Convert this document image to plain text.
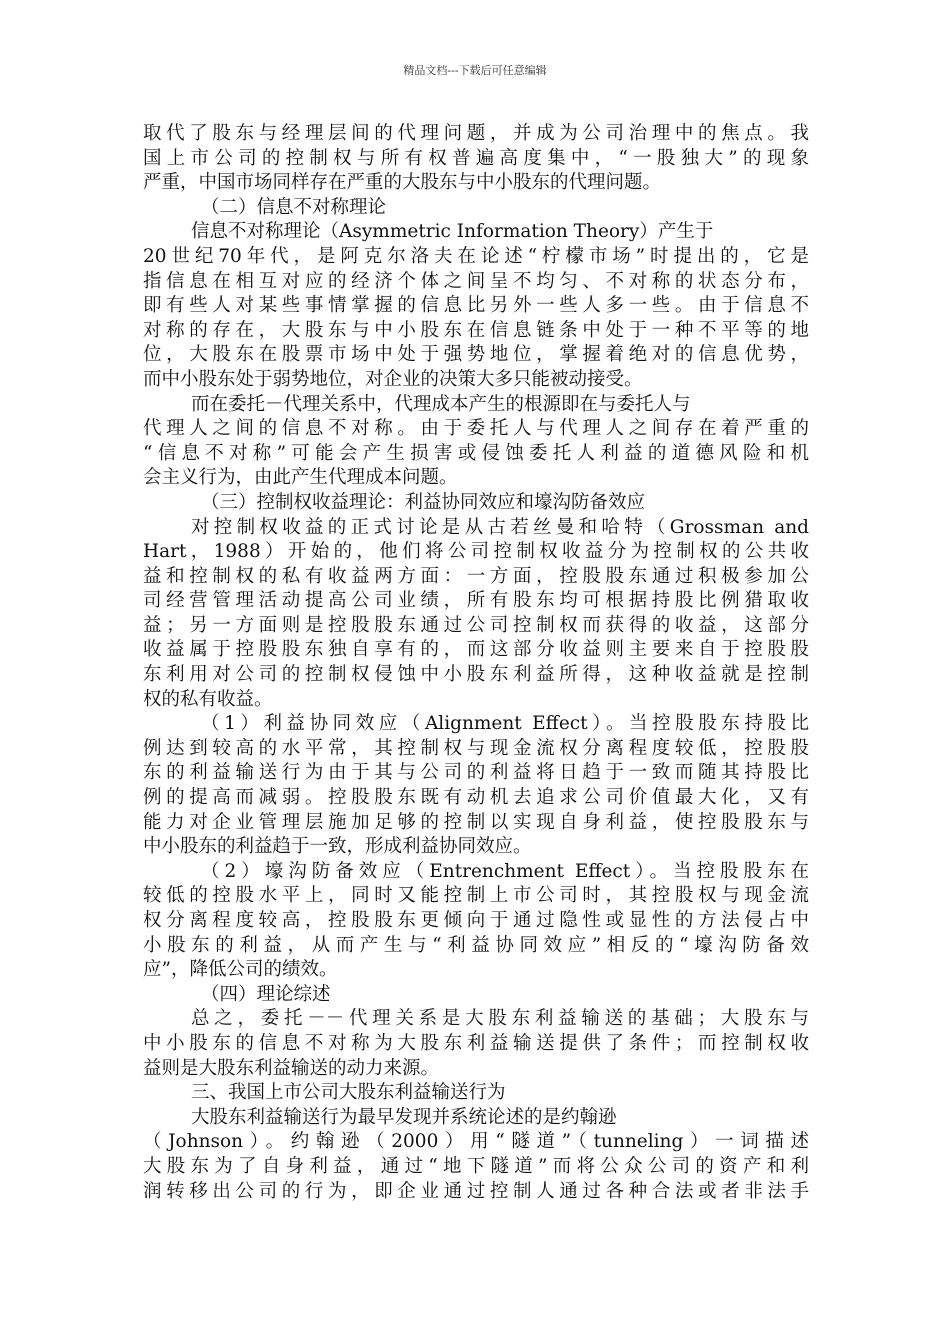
精品文档---下载后可任意编辑
取代了股东与经理层间的代理问题，并成为公司治理中的焦点。我
国上市公司的控制权与所有权普遍高度集中，“一股独大”的现象
严重，中国市场同样存在严重的大股东与中小股东的代理问题。
（二）信息不对称理论
信息不对称理论（Asymmetric Information Theory）产生于
20世纪70年代，是阿克尔洛夫在论述“柠檬市场”时提出的，它是
指信息在相互对应的经济个体之间呈不均匀、不对称的状态分布，
即有些人对某些事情掌握的信息比另外一些人多一些。由于信息不
对称的存在，大股东与中小股东在信息链条中处于一种不平等的地
位，大股东在股票市场中处于强势地位，掌握着绝对的信息优势，
而中小股东处于弱势地位，对企业的决策大多只能被动接受。
而在委托－代理关系中，代理成本产生的根源即在与委托人与
代理人之间的信息不对称。由于委托人与代理人之间存在着严重的
“信息不对称”可能会产生损害或侵蚀委托人利益的道德风险和机
会主义行为，由此产生代理成本问题。
（三）控制权收益理论：利益协同效应和壕沟防备效应
对控制权收益的正式讨论是从古若丝曼和哈特（Grossman and
Hart，1988）开始的，他们将公司控制权收益分为控制权的公共收
益和控制权的私有收益两方面：一方面，控股股东通过积极参加公
司经营管理活动提高公司业绩，所有股东均可根据持股比例猎取收
益；另一方面则是控股股东通过公司控制权而获得的收益，这部分
收益属于控股股东独自享有的，而这部分收益则主要来自于控股股
东利用对公司的控制权侵蚀中小股东利益所得，这种收益就是控制
权的私有收益。
（1）利益协同效应（Alignment Effect）。当控股股东持股比
例达到较高的水平常，其控制权与现金流权分离程度较低，控股股
东的利益输送行为由于其与公司的利益将日趋于一致而随其持股比
例的提高而减弱。控股股东既有动机去追求公司价值最大化，又有
能力对企业管理层施加足够的控制以实现自身利益，使控股股东与
中小股东的利益趋于一致，形成利益协同效应。
（2）壕沟防备效应（Entrenchment Effect）。当控股股东在
较低的控股水平上，同时又能控制上市公司时，其控股权与现金流
权分离程度较高，控股股东更倾向于通过隐性或显性的方法侵占中
小股东的利益，从而产生与“利益协同效应”相反的“壕沟防备效
应”，降低公司的绩效。
（四）理论综述
总之，委托－－代理关系是大股东利益输送的基础；大股东与
中小股东的信息不对称为大股东利益输送提供了条件；而控制权收
益则是大股东利益输送的动力来源。
三、我国上市公司大股东利益输送行为
大股东利益输送行为最早发现并系统论述的是约翰逊
（Johnson）。约翰逊（2000）用“隧道”（tunneling）一词描述
大股东为了自身利益，通过“地下隧道”而将公众公司的资产和利
润转移出公司的行为，即企业通过控制人通过各种合法或者非法手
